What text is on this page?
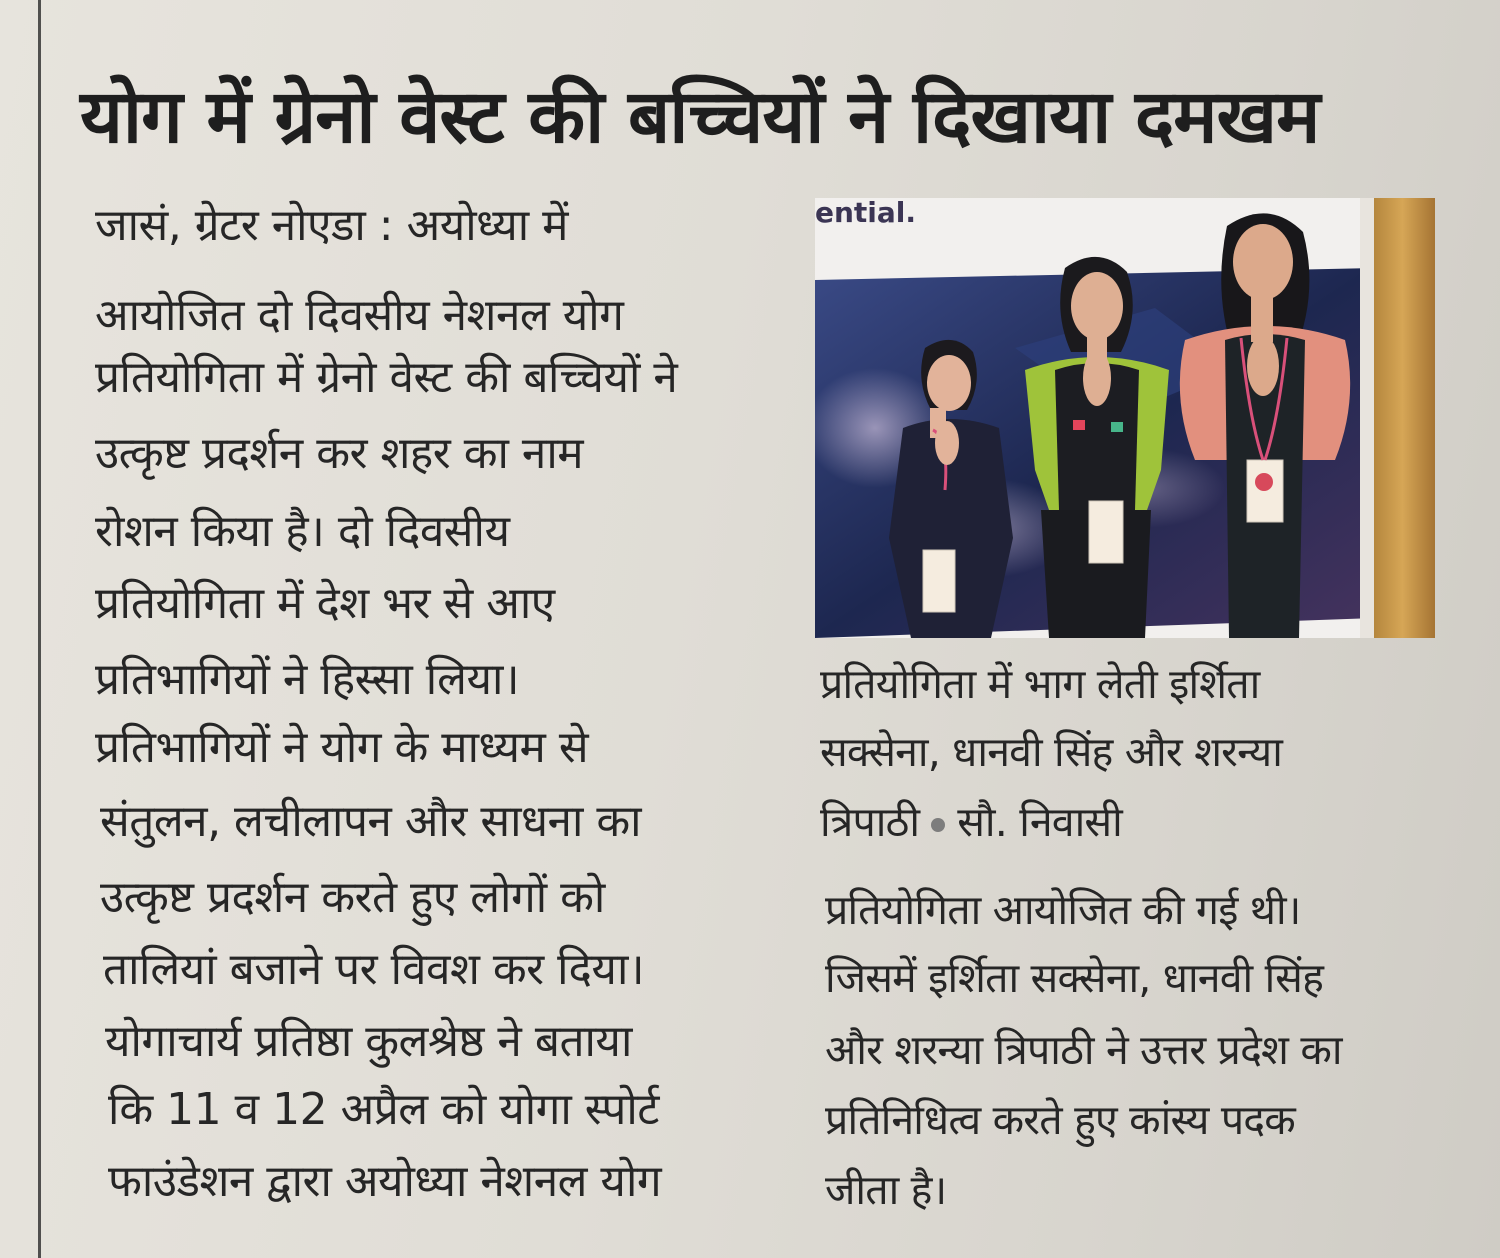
योग में ग्रेनो वेस्ट की बच्चियों ने दिखाया दमखम

जासं, ग्रेटर नोएडा : अयोध्या में

आयोजित दो दिवसीय नेशनल योग

प्रतियोगिता में ग्रेनो वेस्ट की बच्चियों ने

उत्कृष्ट प्रदर्शन कर शहर का नाम

रोशन किया है। दो दिवसीय

प्रतियोगिता में देश भर से आए

प्रतिभागियों ने हिस्सा लिया।

प्रतिभागियों ने योग के माध्यम से

संतुलन, लचीलापन और साधना का

उत्कृष्ट प्रदर्शन करते हुए लोगों को

तालियां बजाने पर विवश कर दिया।

योगाचार्य प्रतिष्ठा कुलश्रेष्ठ ने बताया

कि 11 व 12 अप्रैल को योगा स्पोर्ट

फाउंडेशन द्वारा अयोध्या नेशनल योग

ential.

प्रतियोगिता में भाग लेती इर्शिता

सक्सेना, धानवी सिंह और शरन्या

त्रिपाठी सौ. निवासी

प्रतियोगिता आयोजित की गई थी।

जिसमें इर्शिता सक्सेना, धानवी सिंह

और शरन्या त्रिपाठी ने उत्तर प्रदेश का

प्रतिनिधित्व करते हुए कांस्य पदक

जीता है।
